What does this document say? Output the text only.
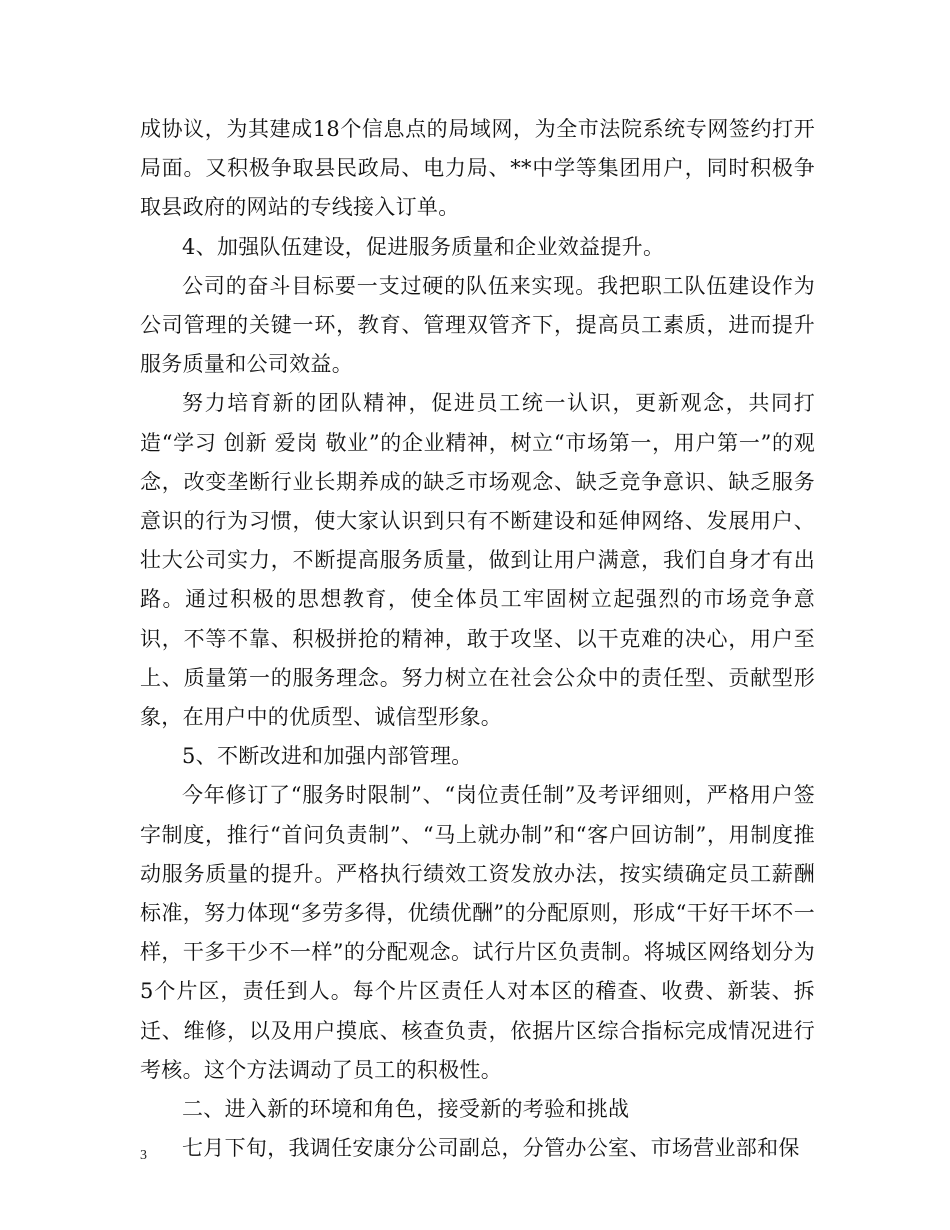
成协议，为其建成18个信息点的局域网，为全市法院系统专网签约打开局面。又积极争取县民政局、电力局、**中学等集团用户，同时积极争取县政府的网站的专线接入订单。

4、加强队伍建设，促进服务质量和企业效益提升。

公司的奋斗目标要一支过硬的队伍来实现。我把职工队伍建设作为公司管理的关键一环，教育、管理双管齐下，提高员工素质，进而提升服务质量和公司效益。

努力培育新的团队精神，促进员工统一认识，更新观念，共同打造“学习 创新 爱岗 敬业”的企业精神，树立“市场第一，用户第一”的观念，改变垄断行业长期养成的缺乏市场观念、缺乏竞争意识、缺乏服务意识的行为习惯，使大家认识到只有不断建设和延伸网络、发展用户、壮大公司实力，不断提高服务质量，做到让用户满意，我们自身才有出路。通过积极的思想教育，使全体员工牢固树立起强烈的市场竞争意识，不等不靠、积极拼抢的精神，敢于攻坚、以干克难的决心，用户至上、质量第一的服务理念。努力树立在社会公众中的责任型、贡献型形象，在用户中的优质型、诚信型形象。

5、不断改进和加强内部管理。

今年修订了“服务时限制”、“岗位责任制”及考评细则，严格用户签字制度，推行“首问负责制”、“马上就办制”和“客户回访制”，用制度推动服务质量的提升。严格执行绩效工资发放办法，按实绩确定员工薪酬标准，努力体现“多劳多得，优绩优酬”的分配原则，形成“干好干坏不一样，干多干少不一样”的分配观念。试行片区负责制。将城区网络划分为5个片区，责任到人。每个片区责任人对本区的稽查、收费、新装、拆迁、维修，以及用户摸底、核查负责，依据片区综合指标完成情况进行考核。这个方法调动了员工的积极性。

二、进入新的环境和角色，接受新的考验和挑战

七月下旬，我调任安康分公司副总，分管办公室、市场营业部和保

3
